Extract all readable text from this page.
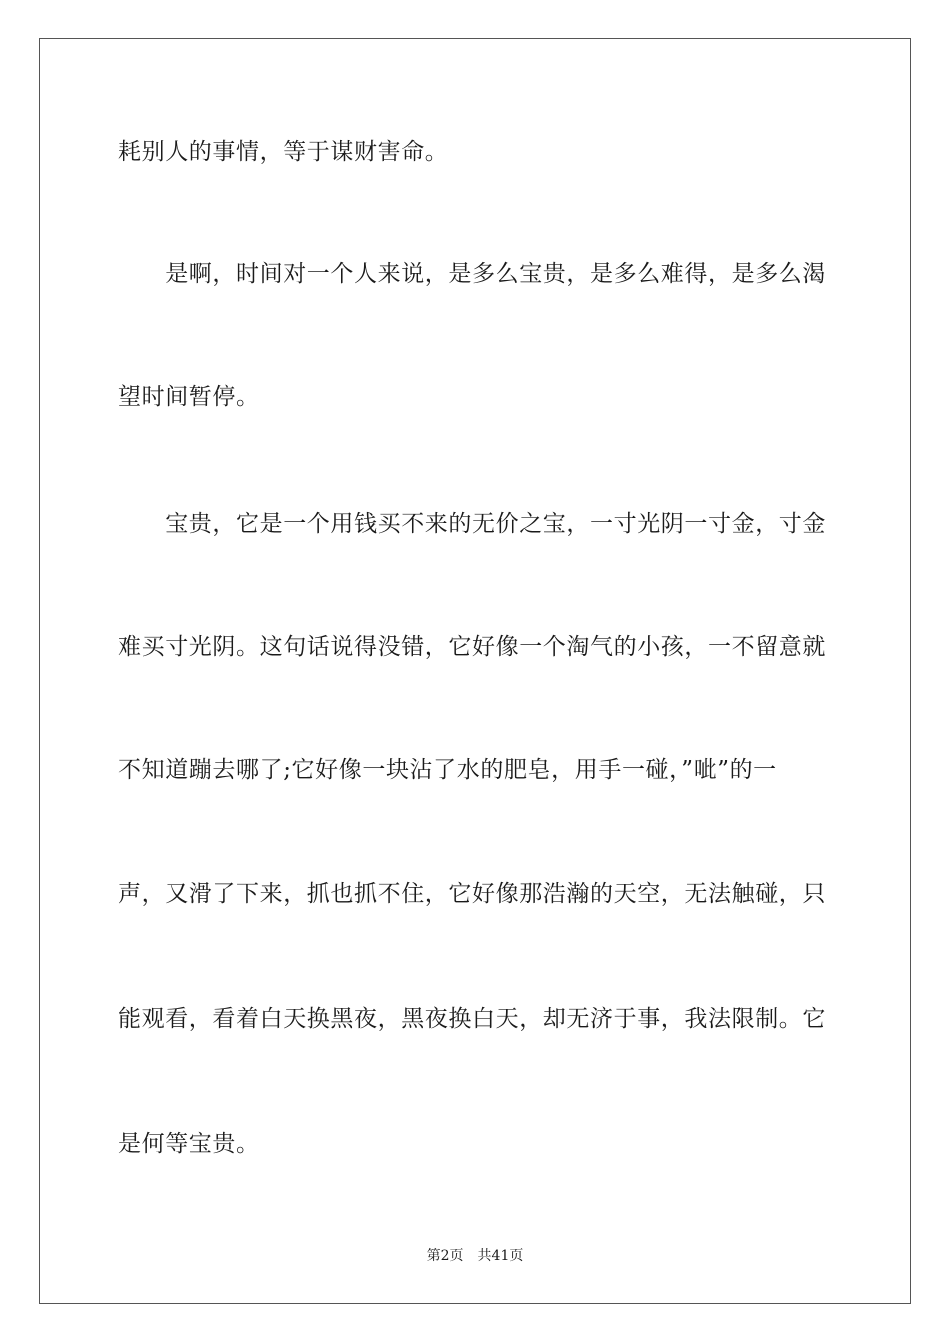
耗别人的事情，等于谋财害命。
　　是啊，时间对一个人来说，是多么宝贵，是多么难得，是多么渴
望时间暂停。
　　宝贵，它是一个用钱买不来的无价之宝，一寸光阴一寸金，寸金
难买寸光阴。这句话说得没错，它好像一个淘气的小孩，一不留意就
不知道蹦去哪了;它好像一块沾了水的肥皂，用手一碰，”呲”的一
声，又滑了下来，抓也抓不住，它好像那浩瀚的天空，无法触碰，只
能观看，看着白天换黑夜，黑夜换白天，却无济于事，我法限制。它
是何等宝贵。
第2页 共41页
